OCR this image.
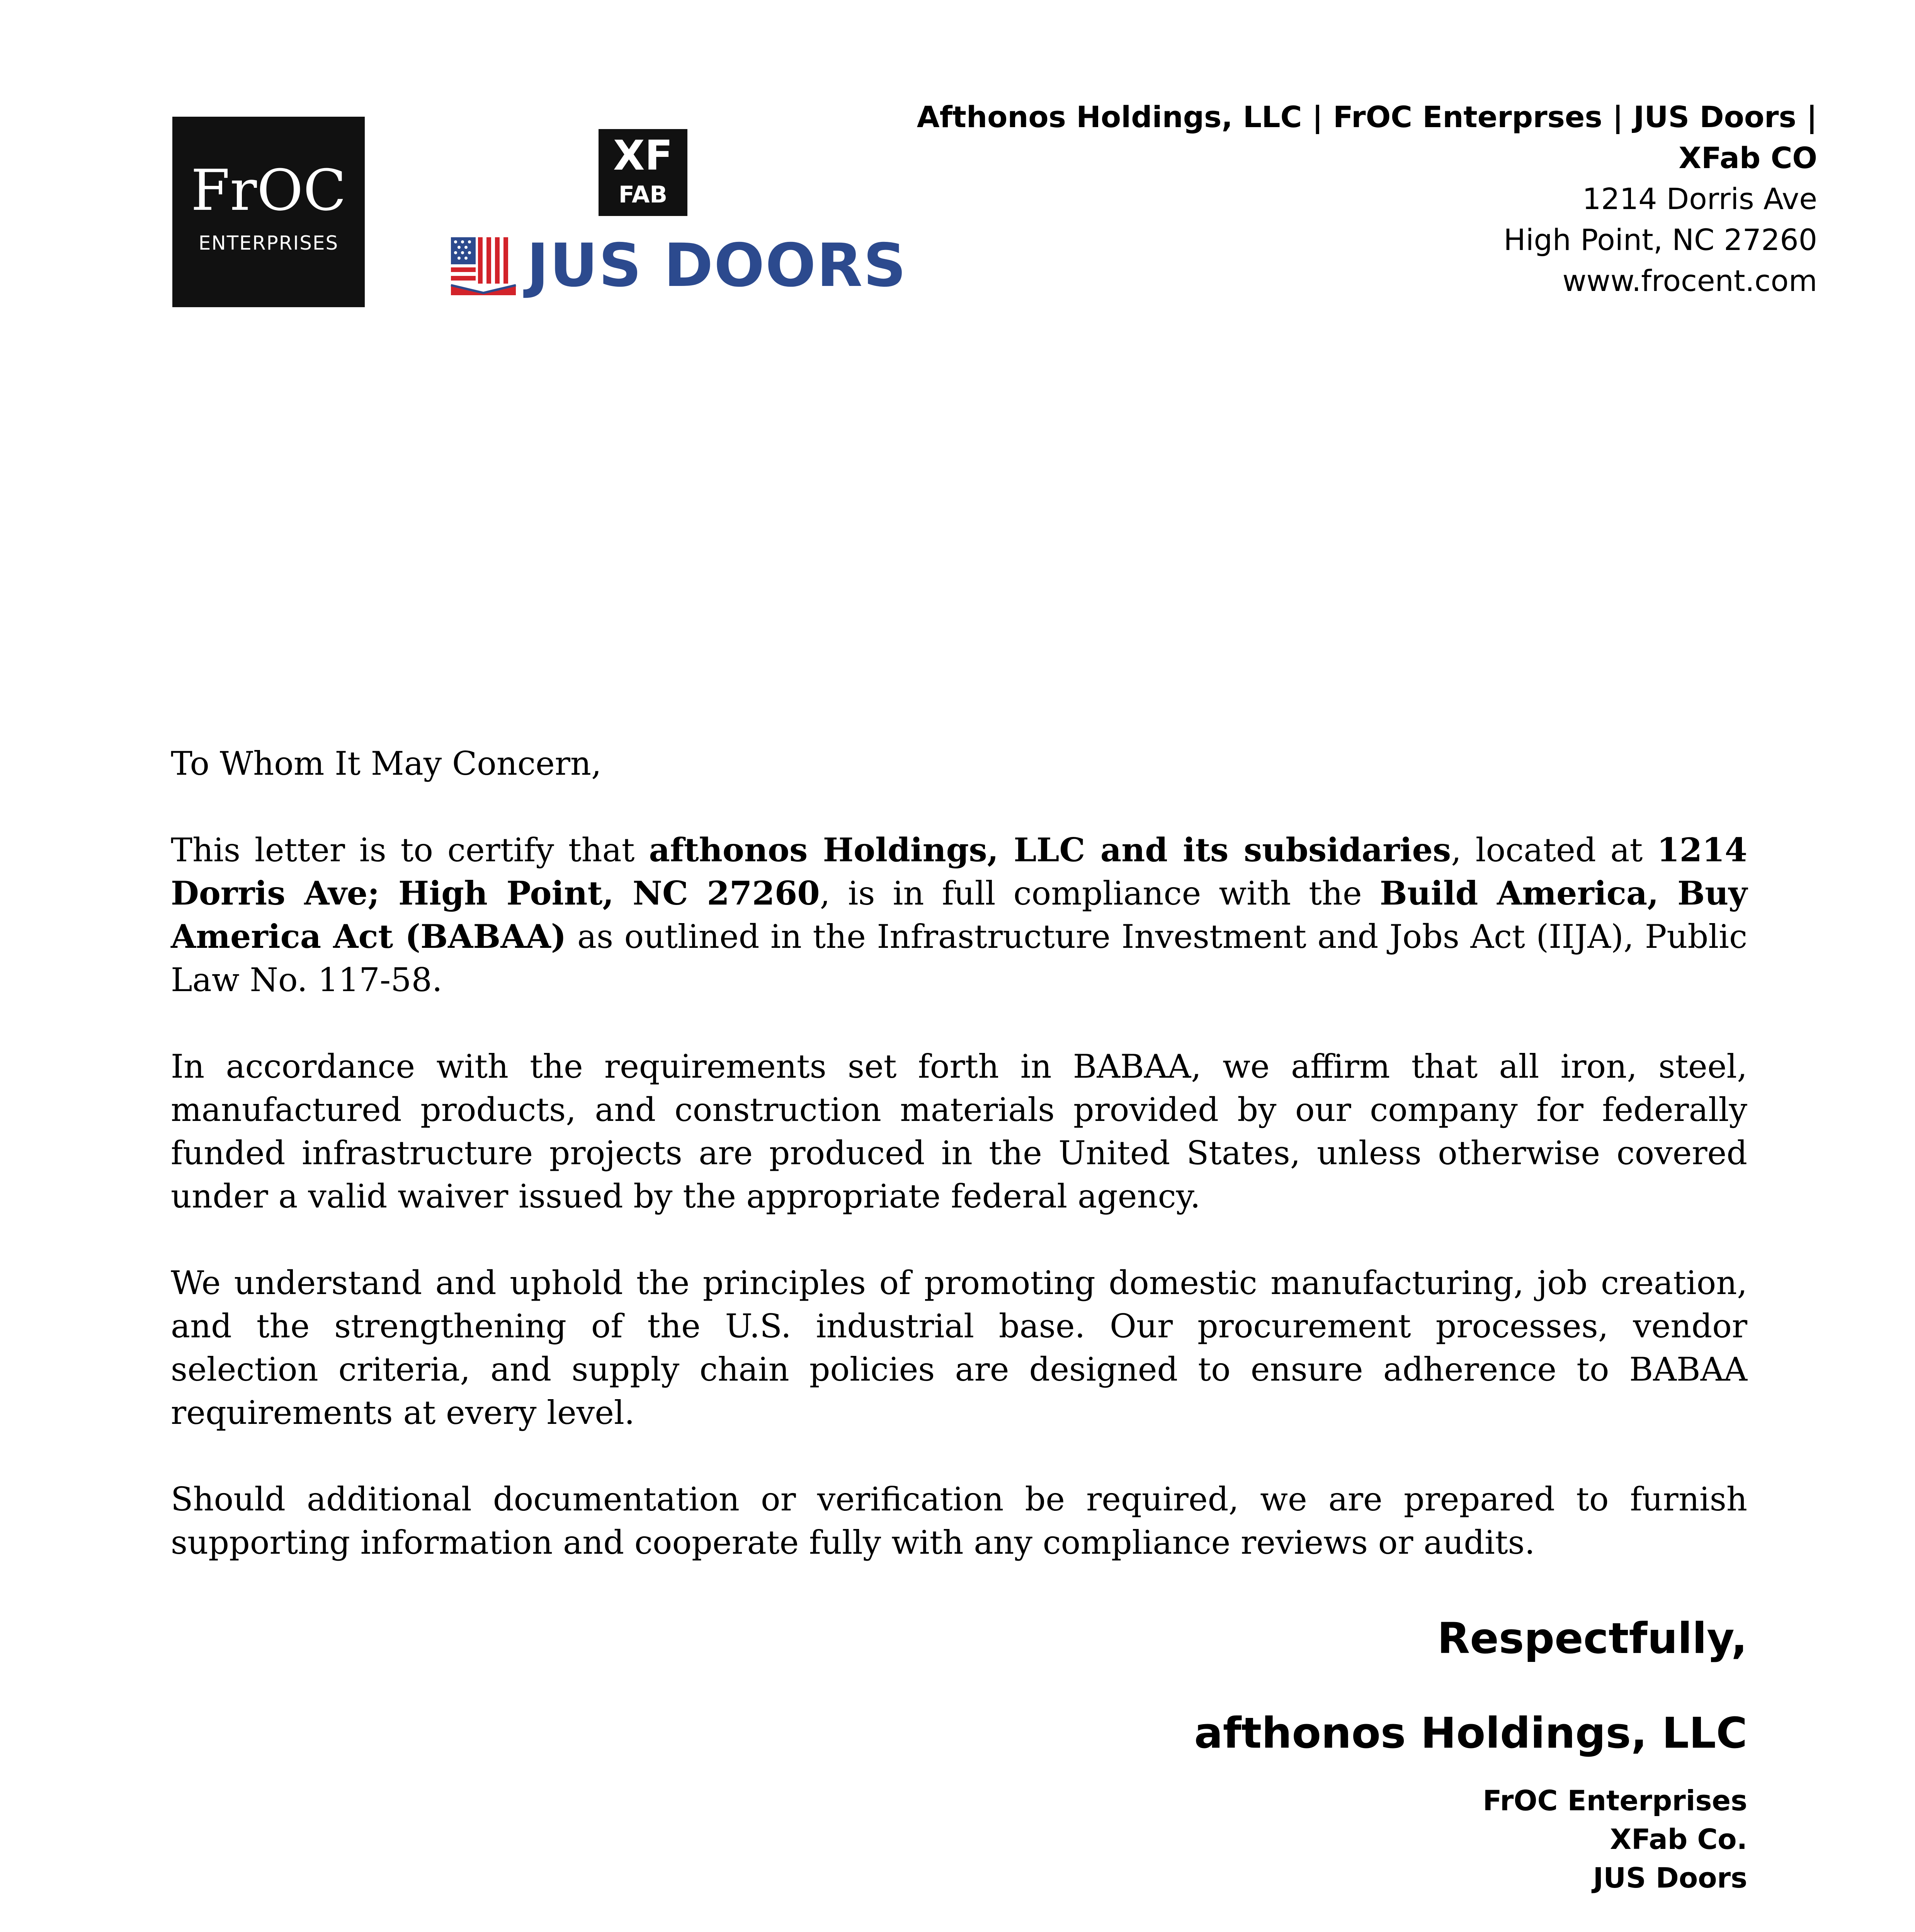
FrOC
ENTERPRISES
XF
FAB
JUS DOORS
Afthonos Holdings, LLC | FrOC Enterprses | JUS Doors |
XFab CO
1214 Dorris Ave
High Point, NC 27260
www.frocent.com

To Whom It May Concern,

This letter is to certify that afthonos Holdings, LLC and its subsidaries, located at 1214 Dorris Ave; High Point, NC 27260, is in full compliance with the Build America, Buy America Act (BABAA) as outlined in the Infrastructure Investment and Jobs Act (IIJA), Public Law No. 117-58.

In accordance with the requirements set forth in BABAA, we affirm that all iron, steel, manufactured products, and construction materials provided by our company for federally funded infrastructure projects are produced in the United States, unless otherwise covered under a valid waiver issued by the appropriate federal agency.

We understand and uphold the principles of promoting domestic manufacturing, job creation, and the strengthening of the U.S. industrial base. Our procurement processes, vendor selection criteria, and supply chain policies are designed to ensure adherence to BABAA requirements at every level.

Should additional documentation or verification be required, we are prepared to furnish supporting information and cooperate fully with any compliance reviews or audits.

Respectfully,
afthonos Holdings, LLC
FrOC Enterprises
XFab Co.
JUS Doors
